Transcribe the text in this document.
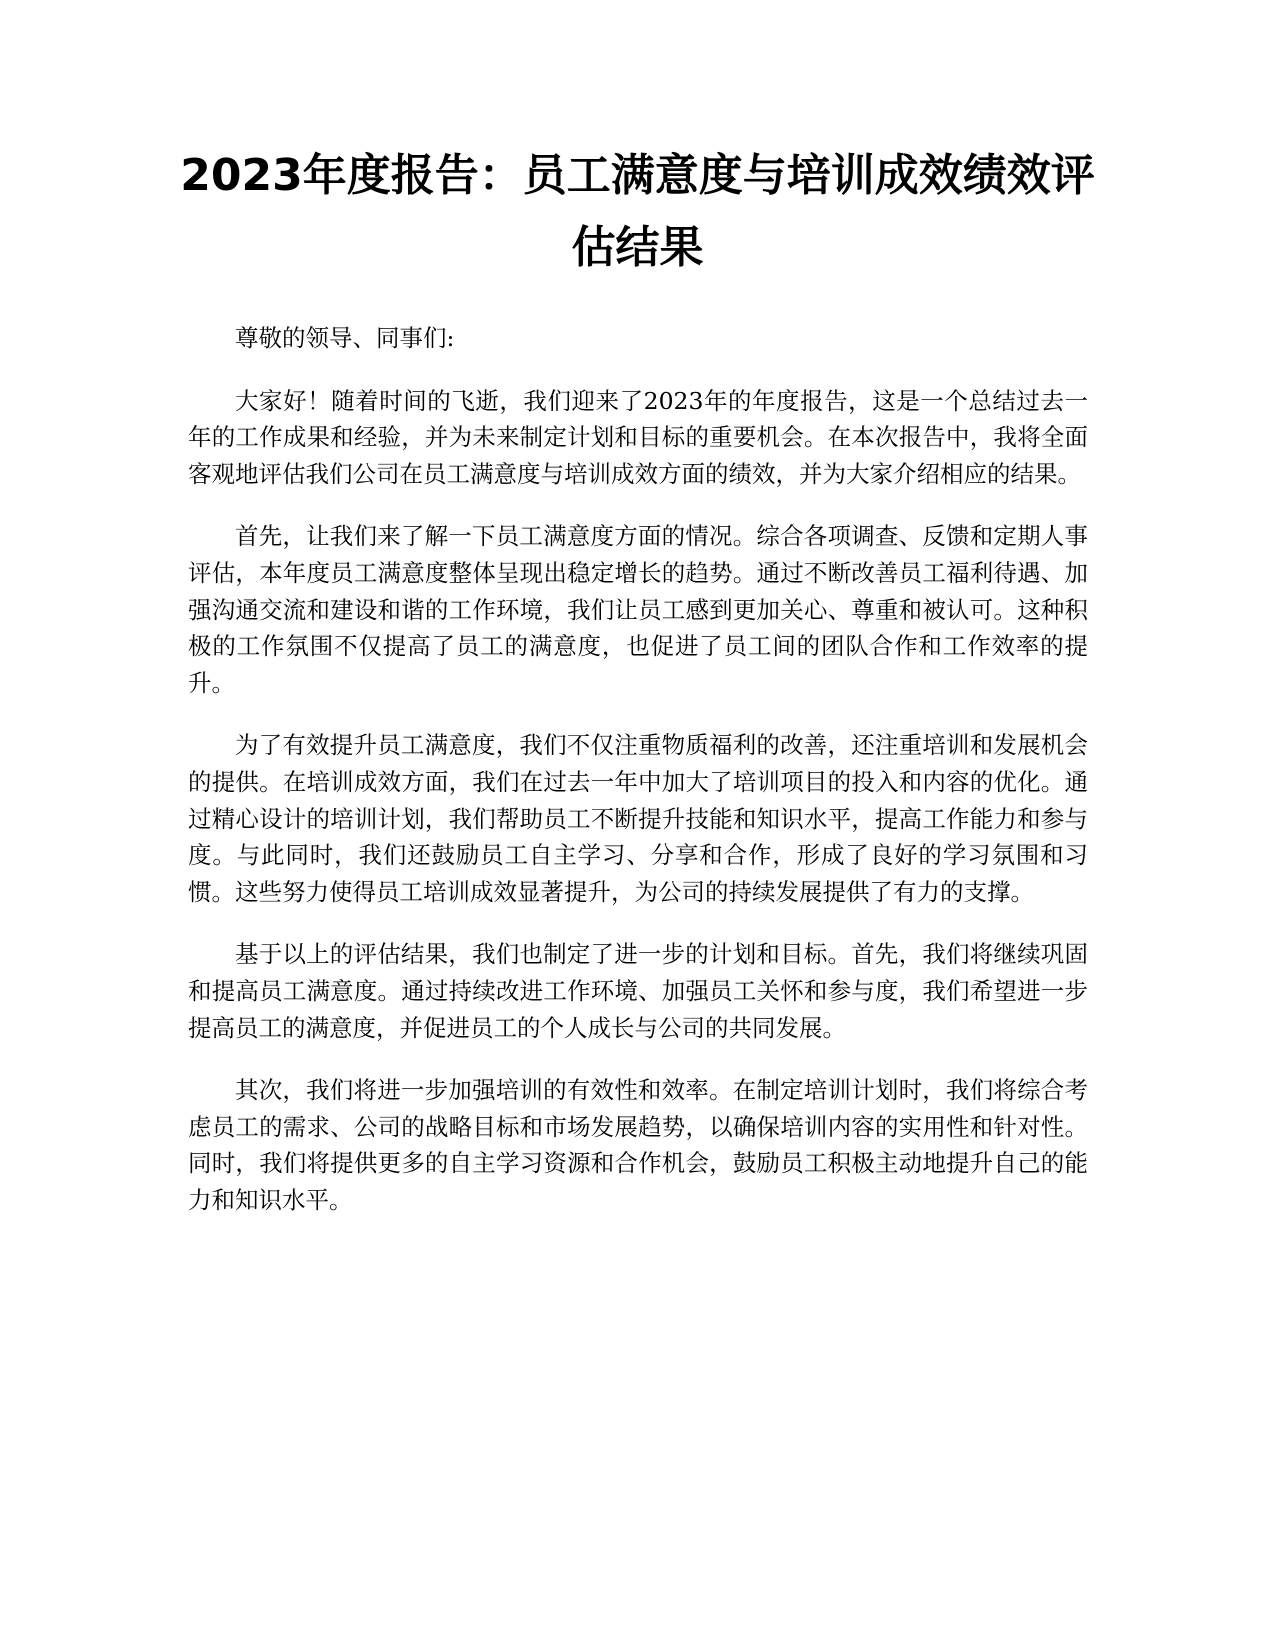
2023年度报告：员工满意度与培训成效绩效评估结果

尊敬的领导、同事们:

大家好！随着时间的飞逝，我们迎来了2023年的年度报告，这是一个总结过去一年的工作成果和经验，并为未来制定计划和目标的重要机会。在本次报告中，我将全面客观地评估我们公司在员工满意度与培训成效方面的绩效，并为大家介绍相应的结果。

首先，让我们来了解一下员工满意度方面的情况。综合各项调查、反馈和定期人事评估，本年度员工满意度整体呈现出稳定增长的趋势。通过不断改善员工福利待遇、加强沟通交流和建设和谐的工作环境，我们让员工感到更加关心、尊重和被认可。这种积极的工作氛围不仅提高了员工的满意度，也促进了员工间的团队合作和工作效率的提升。

为了有效提升员工满意度，我们不仅注重物质福利的改善，还注重培训和发展机会的提供。在培训成效方面，我们在过去一年中加大了培训项目的投入和内容的优化。通过精心设计的培训计划，我们帮助员工不断提升技能和知识水平，提高工作能力和参与度。与此同时，我们还鼓励员工自主学习、分享和合作，形成了良好的学习氛围和习惯。这些努力使得员工培训成效显著提升，为公司的持续发展提供了有力的支撑。

基于以上的评估结果，我们也制定了进一步的计划和目标。首先，我们将继续巩固和提高员工满意度。通过持续改进工作环境、加强员工关怀和参与度，我们希望进一步提高员工的满意度，并促进员工的个人成长与公司的共同发展。

其次，我们将进一步加强培训的有效性和效率。在制定培训计划时，我们将综合考虑员工的需求、公司的战略目标和市场发展趋势，以确保培训内容的实用性和针对性。同时，我们将提供更多的自主学习资源和合作机会，鼓励员工积极主动地提升自己的能力和知识水平。
